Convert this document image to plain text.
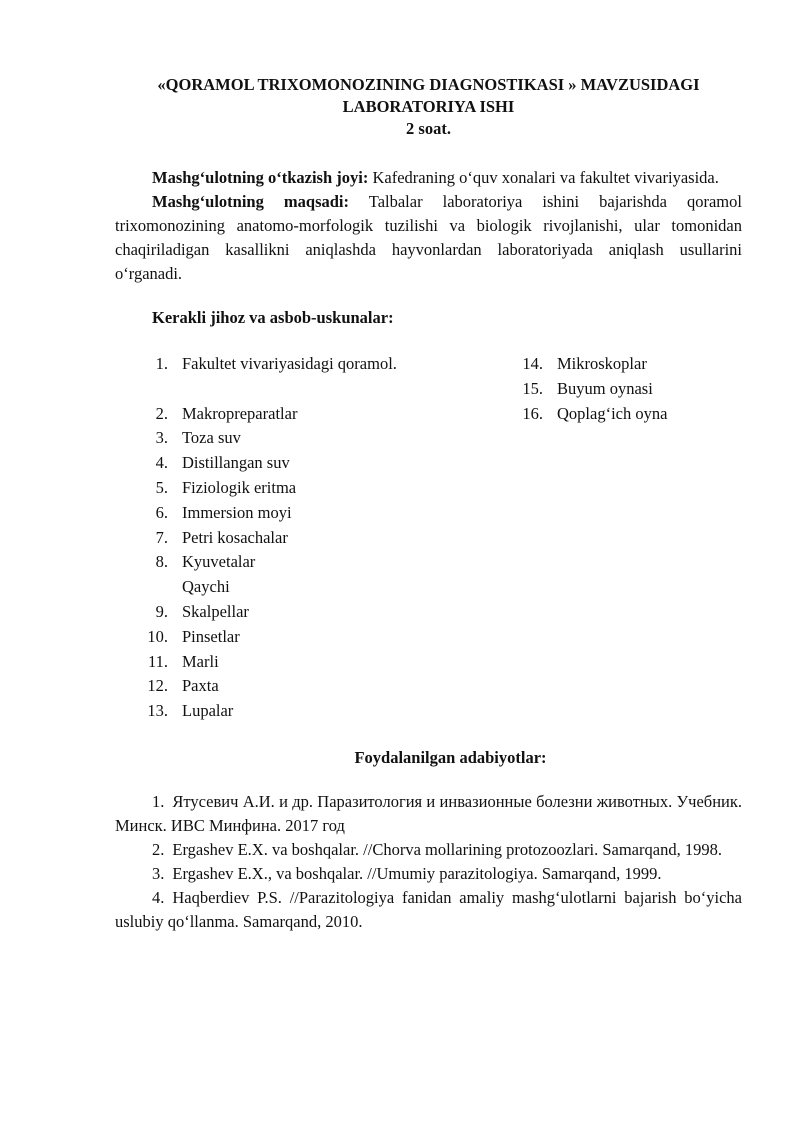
«QORAMOL TRIXOMONOZINING DIAGNOSTIKASI » MAVZUSIDAGI
LABORATORIYA ISHI
2 soat.

Mashg‘ulotning o‘tkazish joyi: Kafedraning o‘quv xonalari va fakultet vivariyasida.

Mashg‘ulotning maqsadi: Talbalar laboratoriya ishini bajarishda qoramol trixomonozining anatomo-morfologik tuzilishi va biologik rivojlanishi, ular tomonidan chaqiriladigan kasallikni aniqlashda hayvonlardan laboratoriyada aniqlash usullarini o‘rganadi.

Kerakli jihoz va asbob-uskunalar:
1. Fakultet vivariyasidagi qoramol.
2. Makropreparatlar
3. Toza suv
4. Distillangan suv
5. Fiziologik eritma
6. Immersion moyi
7. Petri kosachalar
8. Kyuvetalar
Qaychi
9. Skalpellar
10. Pinsetlar
11. Marli
12. Paxta
13. Lupalar
14. Mikroskoplar
15. Buyum oynasi
16. Qoplag‘ich oyna
Foydalanilgan adabiyotlar:

1. Ятусевич А.И. и др. Паразитология и инвазионные болезни животных. Учебник. Минск. ИВС Минфина. 2017 год

2. Ergashev E.X. va boshqalar. //Chorva mollarining protozoozlari. Samarqand, 1998.

3. Ergashev E.X., va boshqalar. //Umumiy parazitologiya. Samarqand, 1999.

4. Haqberdiev P.S. //Parazitologiya fanidan amaliy mashg‘ulotlarni bajarish bo‘yicha uslubiy qo‘llanma. Samarqand, 2010.
